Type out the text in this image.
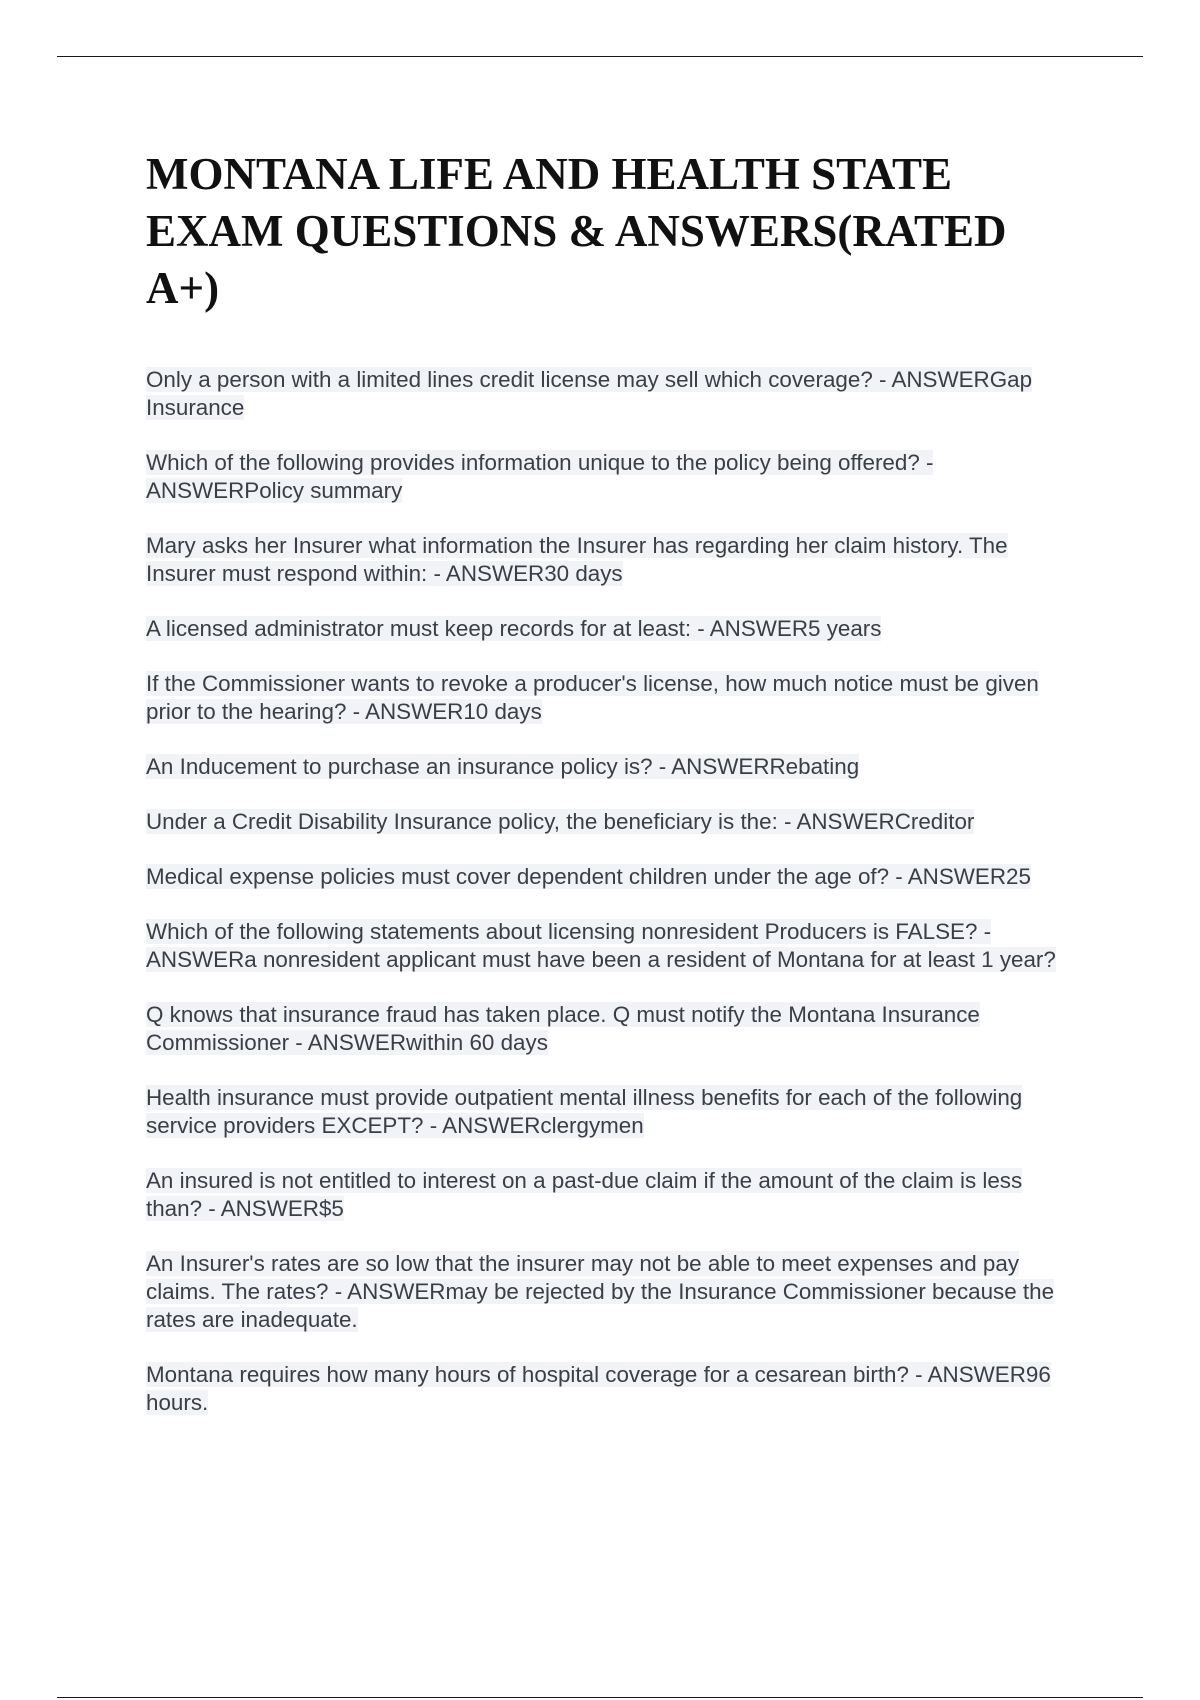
MONTANA LIFE AND HEALTH STATE EXAM QUESTIONS & ANSWERS(RATED A+)
Only a person with a limited lines credit license may sell which coverage? - ANSWERGap Insurance
Which of the following provides information unique to the policy being offered? - ANSWERPolicy summary
Mary asks her Insurer what information the Insurer has regarding her claim history. The Insurer must respond within: - ANSWER30 days
A licensed administrator must keep records for at least: - ANSWER5 years
If the Commissioner wants to revoke a producer's license, how much notice must be given prior to the hearing? - ANSWER10 days
An Inducement to purchase an insurance policy is? - ANSWERRebating
Under a Credit Disability Insurance policy, the beneficiary is the: - ANSWERCreditor
Medical expense policies must cover dependent children under the age of? - ANSWER25
Which of the following statements about licensing nonresident Producers is FALSE? - ANSWERa nonresident applicant must have been a resident of Montana for at least 1 year?
Q knows that insurance fraud has taken place. Q must notify the Montana Insurance Commissioner - ANSWERwithin 60 days
Health insurance must provide outpatient mental illness benefits for each of the following service providers EXCEPT? - ANSWERclergymen
An insured is not entitled to interest on a past-due claim if the amount of the claim is less than? - ANSWER$5
An Insurer's rates are so low that the insurer may not be able to meet expenses and pay claims. The rates? - ANSWERmay be rejected by the Insurance Commissioner because the rates are inadequate.
Montana requires how many hours of hospital coverage for a cesarean birth? - ANSWER96 hours.
